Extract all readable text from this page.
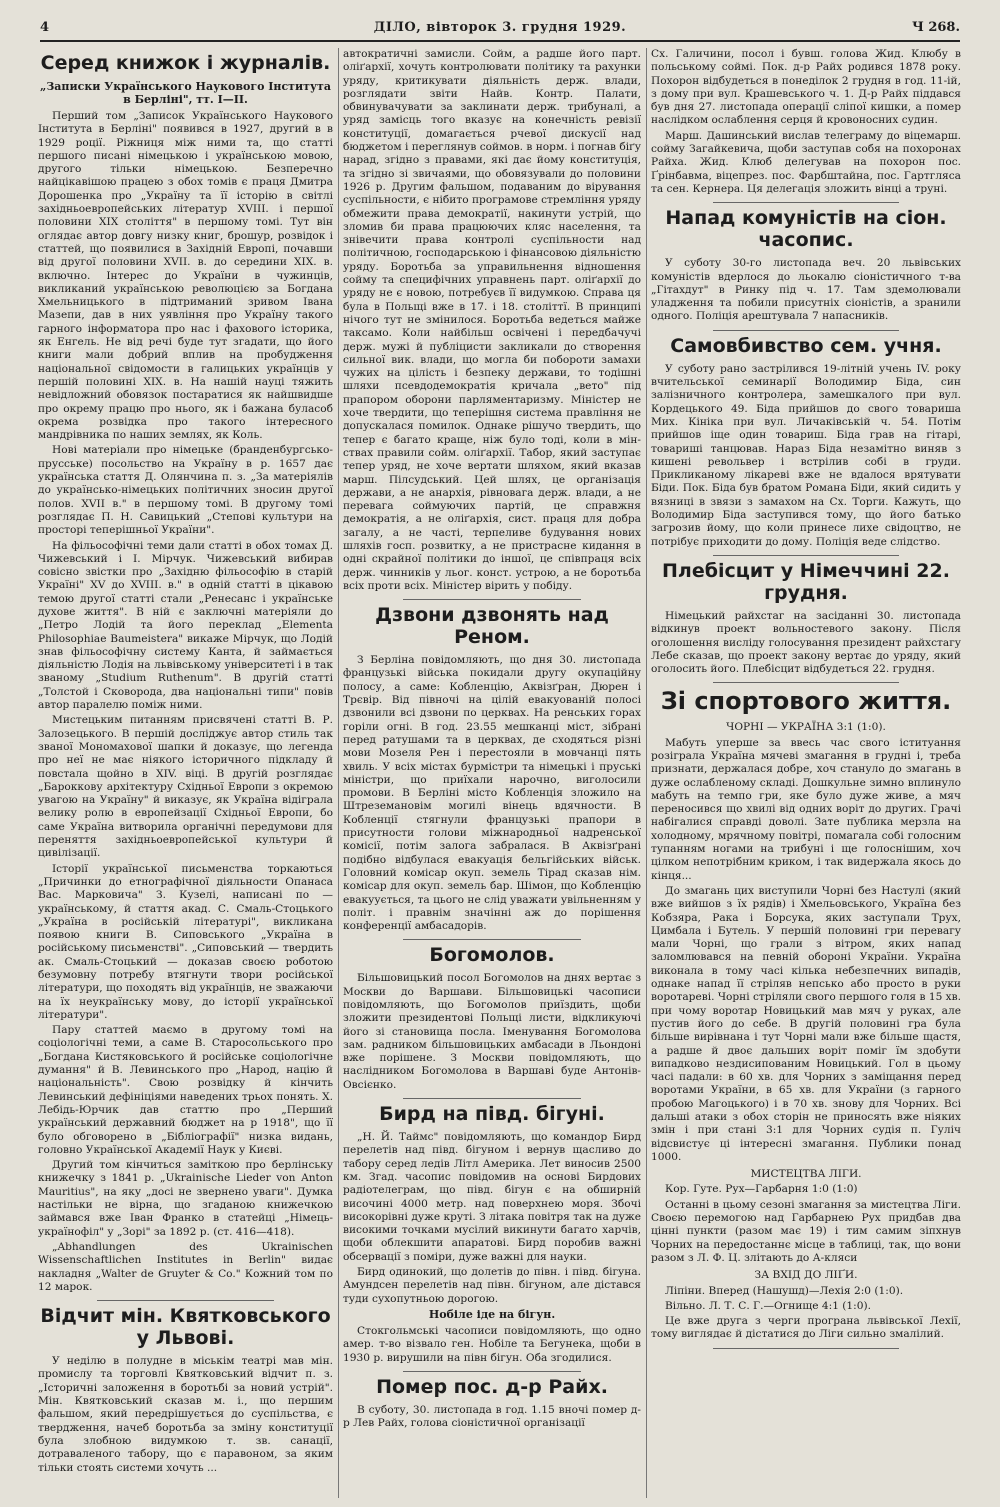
4	ДІЛО, вівторок 3. грудня 1929.	Ч 268.
Серед книжок і журналів.
„Записки Українського Наукового Інститута в Берліні", тт. I—II.

Перший том „Записок Українського Наукового Інститута в Берліні" появився в 1927, другий в в 1929 роції. Ріжниця між ними та, що статті першого писані німецькою і українською мовою, другого тільки німецькою. Безперечно найцікавішою працею з обох томів є праця Дмитра Дорошенка про „Україну та її історію в світлі західньоевропейських літератур XVIII. і першої половини XIX століття" в першому томі. Тут він оглядає автор довгу низку книг, брошур, розвідок і статтей, що появилися в Західній Европі, почавши від другої половини XVII. в. до середини XIX. в. включно. Інтерес до України в чужинців, викликаний українською революцією за Богдана Хмельницького в підтриманий зривом Івана Мазепи, дав в них уявління про Україну такого гарного інформатора про нас і фахового історика, як Енгель. Не від речі буде тут згадати, що його книги мали добрий вплив на пробудження національної свідомости в галицьких українців у першій половині XIX. в. На нашій науці тяжить невідложний обовязок постаратися як найшвидше про окрему працю про нього, як і бажана буласоб окрема розвідка про такого інтересного мандрівника по наших землях, як Коль.

Нові матеріали про німецьке (бранденбургсько-прусське) посольство на Україну в р. 1657 дає українська стаття Д. Олянчина п. з. „За матеріялів до українсько-німецьких політичних зносин другої полов. XVII в." в першому томі. В другому томі розглядає П. Н. Савицький „Степові культури на просторі теперішньої України".

На фільософічні теми дали статті в обох томах Д. Чижевський і І. Мірчук. Чижевський вибирав совісно звістки про „Західню фільософію в старій Україні" XV до XVIII. в." в одній статті в цікавою темою другої статті стали „Ренесанс і українське духове життя". В ній є заключні матеріяли до „Петро Лодій та його переклад „Elementa Philosophiae Baumeisterа" викаже Мірчук, що Лодій знав фільософічну систему Канта, й займається діяльністю Лодія на львівському університеті і в так званому „Studium Ruthenum". В другій статті „Толстой і Сковорода, два національні типи" повів автор паралелю поміж ними.

Мистецьким питанням присвячені статті В. Р. Залозецького. В першій досліджує автор стиль так званої Мономахової шапки й доказує, що легенда про неї не має ніякого історичного підкладу й повстала щойно в XIV. віці. В другій розглядає „Бароккову архітектуру Східньої Европи з окремою увагою на Україну" й виказує, як Україна відіграла велику ролю в европейзації Східньої Европи, бо саме Україна витворила органічні передумови для переняття західньоевропейської культури й цивілізації.

Історії української письменства торкаються „Причинки до етнографічної діяльности Опанаса Вас. Марковича" З. Кузелі, написані по — українському, й стаття акад. С. Смаль-Стоцького „Україна в російській літературі", викликана появою книги В. Сиповського „Україна в російському письменстві". „Сиповський — твердить ак. Смаль-Стоцький — доказав своєю роботою безумовну потребу втягнути твори російської літератури, що походять від українців, не зважаючи на їх неукраїнську мову, до історії української літератури".

Пару статтей маємо в другому томі на соціологічні теми, а саме В. Старосольського про „Богдана Кистяковського й російське соціологічне думання" й В. Левинського про „Народ, націю й національність". Свою розвідку й кінчить Левинський дефініціями наведених трьох понять. Х. Лебідь-Юрчик дав статтю про „Перший український державний бюджет на р 1918", що її було обговорено в „Бібліографії" низка видань, головно Української Академії Наук у Києві.

Другий том кінчиться заміткою про берлінську книжечку з 1841 р. „Ukrainische Lieder von Anton Mauritius", на яку „досі не звернено уваги". Думка настільки не вірна, що згаданою книжечкою займався вже Іван Франко в статейці „Німець-українофіл" у „Зорі" за 1892 р. (ст. 416—418).

„Abhandlungen des Ukrainischen Wissenschaftlichen Institutes in Berlin" видає накладня „Walter de Gruyter & Co." Кожний том по 12 марок.

Відчит мін. Квятковського у Львові.

У неділю в полудне в міськім театрі мав мін. промислу та торговлі Квятковський відчит п. з. „Історичні заложення в боротьбі за новий устрій". Мін. Квятковський сказав м. і., що першим фальшом, який передрішується до суспільства, є твердження, начеб боротьба за зміну конституції була злобною видумкою т. зв. санації, дотраваленого табору, що є паравоном, за яким тільки стоять системи хочуть ...

автократичні замисли. Сойм, а радше його парт. оліґархії, хочуть контролювати політику та рахунки уряду, критикувати діяльність держ. влади, розглядати звіти Найв. Контр. Палати, обвинувачувати за заклинати держ. трибуналі, а уряд замісць того вказує на конечність ревізії конституції, домагається рчевої дискусії над бюджетом і переглянув соймов. в норм. і погнав біґу нарад, згідно з правами, які дає йому конституція, та згідно зі звичаями, що обовязували до половини 1926 р. Другим фальшом, подаваним до вірування суспільности, є нібито програмове стремління уряду обмежити права демократії, накинути устрій, що зломив би права працюючих кляс населення, та знівечити права контролі суспільности над політичною, господарською і фінансовою діяльністю уряду. Боротьба за управильнення відношення сойму та специфічних управнень парт. оліґархії до уряду не є новою, потребуєв її видумкою. Справа ця була в Польщі вже в 17. і 18. століттї. В принципі нічого тут не змінилося. Боротьба ведеться майже таксамо. Коли найбільш освічені і передбачучі держ. мужі й публіцисти закликали до створення сильної вик. влади, що могла би побороти замахи чужих на цілість і безпеку держави, то тодішні шляхи псевдодемократія кричала „вето" під прапором оборони парляментаризму. Міністер не хоче твердити, що теперішня система правління не допускалася помилок. Однаке рішучо твердить, що тепер є багато краще, ніж було тоді, коли в мін-ствах правили сойм. оліґархії. Табор, який заступає тепер уряд, не хоче вертати шляхом, який вказав марш. Пілсудський. Цей шлях, це організація держави, а не анархія, рівновага держ. влади, а не перевага соймуючих партій, це справжня демократія, а не оліґархія, сист. праця для добра загалу, а не часті, терпеливе будування нових шляхів госп. розвитку, а не пристрасне кидання в одні скрайної політики до іншої, це співпраця всіх держ. чинників у льог. конст. устрою, а не боротьба всіх проти всіх. Міністер вірить у побіду.

Дзвони дзвонять над Реном.

З Берліна повідомляють, що дня 30. листопада французькі війська покидали другу окупаційну полосу, а саме: Кобленцію, Аквізґран, Дюрен і Трєвір. Від півночі на цілій евакуованій полосі дзвонили всі дзвони по церквах. На ренських горах горіли огні. В год. 23.55 мешканці міст, зібрані перед ратушами та в церквах, де сходяться різні мови Мозеля Рен і перестояли в мовчанці пять хвиль. У всіх містах бурмістри та німецькі і пруські міністри, що приїхали нарочно, виголосили промови. В Берліні місто Кобленція зложило на Штреземановім могилі вінець вдячности. В Кобленції стягнули французькі прапори в присутности голови міжнародньої надренської комісії, потім залога забралася. В Аквізґрані подібно відбулася евакуація бельгійських військ. Головний комісар окуп. земель Тірад сказав нім. комісар для окуп. земель бар. Шімон, що Кобленцію евакуується, та цього не слід уважати увільненням у політ. і правнім значінні аж до порішення конференції амбасадорів.

Богомолов.

Більшовицький посол Богомолов на днях вертає з Москви до Варшави. Більшовицькі часописи повідомляють, що Богомолов приїздить, щоби зложити президентові Польщі листи, відкликуючі його зі становища посла. Іменування Богомолова зам. радником більшовицьких амбасади в Льондоні вже порішене. З Москви повідомляють, що наслідником Богомолова в Варшаві буде Антонів-Овсієнко.

Бирд на півд. бігуні.

„Н. Й. Таймс" повідомляють, що командор Бирд перелетів над півд. бігуном і вернув щасливо до табору серед ледів Літл Америка. Лет виносив 2500 км. Згад. часопис повідомив на основі Бирдових радіотелеграм, що півд. бігун є на обширній височині 4000 метр. над поверхнею моря. Збочі високорівні дуже круті. З літака повітря так на дуже високими точками мусілий викинути багато харчів, щоби облекшити апаратові. Бирд поробив важні обсервації з поміри, дуже важні для науки.

Бирд одинокий, що долетів до півн. і півд. бігуна. Амундсен перелетів над півн. бігуном, але дістався туди сухопутньою дорогою.

Нобіле іде на бігун.

Стокгольмські часописи повідомляють, що одно амер. т-во візвало ген. Нобіле та Бегунека, щоби в 1930 р. вирушили на півн бігун. Оба згодилися.

Помер пос. д-р Райх.

В суботу, 30. листопада в год. 1.15 вночі помер д-р Лев Райх, голова сіоністичної організації

Сх. Галичини, посол і бувш. голова Жид. Клюбу в польському соймі. Пок. д-р Райх родився 1878 року. Похорон відбудеться в понеділок 2 грудня в год. 11-ій, з дому при вул. Крашевського ч. 1. Д-р Райх піддався був дня 27. листопада операції сліпої кишки, а помер наслідком ослаблення серця й кровоносних судин.

Марш. Дашинський вислав телеграму до віцемарш. сойму Загайкевича, щоби заступав собя на похоронах Райха. Жид. Клюб делегував на похорон пос. Ґрінбавма, віцепрез. пос. Фарбштайна, пос. Гартгляса та сен. Кернера. Ця делегація зложить вінці а труні.

Напад комуністів на сіон. часопис.

У суботу 30-го листопада веч. 20 львівських комуністів вдерлося до льокалю сіоністичного т-ва „Гітахдут" в Ринку під ч. 17. Там здемолювали уладження та побили присутніх сіоністів, а зранили одного. Поліція арештувала 7 напасників.

Самовбивство сем. учня.

У суботу рано застрілився 19-літній учень IV. року вчительської семинарії Володимир Біда, син залізничного контролера, замешкалого при вул. Кордецького 49. Біда прийшов до свого товариша Мих. Кініка при вул. Личаківській ч. 54. Потім прийшов іще один товариш. Біда грав на гітарі, товариші танцював. Нараз Біда незамітно виняв з кишені револьвер і встрілив собі в груди. Прикликаному лікареві вже не вдалося врятувати Біди. Пок. Біда був братом Романа Біди, який сидить у вязниці в звязи з замахом на Сх. Торги. Кажуть, що Володимир Біда заступився тому, що його батько загрозив йому, що коли принесе лихе свідоцтво, не потрібує приходити до дому. Поліція веде слідство.

Плебісцит у Німеччині 22. грудня.

Німецький райхстаг на засіданні 30. листопада відкинув проект вольностевого закону. Після оголошення висліду голосування президент райхстагу Лебе сказав, що проект закону вертає до уряду, який оголосить його. Плебісцит відбудеться 22. грудня.

Зі спортового життя.
ЧОРНІ — УКРАЇНА 3:1 (1:0).

Мабуть уперше за ввесь час свого іституання розіграла Україна мячеві змагання в грудні і, треба признати, держалася добре, хоч стануло до змагань в дуже ослабленому складі. Дошкульне зимно вплинуло мабуть на темпо гри, яке було дуже живе, а мяч переносився що хвилі від одних воріт до других. Грачі набігалися справді доволі. Зате публика мерзла на холодному, мрячному повітрі, помагала собі голосним тупанням ногами на трибуні і ще голоснішим, хоч цілком непотрібним криком, і так видержала якось до кінця...

До змагань цих виступили Чорні без Настулі (який вже вийшов з їх рядів) і Хмельовського, Україна без Кобзяра, Рака і Борсука, яких заступали Трух, Цимбала і Бутель. У першій половині гри перевагу мали Чорні, що грали з вітром, яких напад заломлювався на певній обороні України. Україна виконала в тому часі кілька небезпечних випадів, однаке напад її стріляв непсько або просто в руки воротареві. Чорні стріляли свого першого голя в 15 хв. при чому воротар Новицький мав мяч у руках, але пустив його до себе. В другій половині гра була більше вирівнана і тут Чорні мали вже більше щастя, а радше й двоє дальших воріт поміг їм здобути випадково нездисипованим Новицький. Гол в цьому часі падали: в 60 хв. для Чорних з заміщання перед воротами України, в 65 хв. для України (з гарного пробою Магоцького) і в 70 хв. знову для Чорних. Всі дальші атаки з обох сторін не приносять вже ніяких змін і при стані 3:1 для Чорних судія п. Гуліч відсвистує ці інтересні змагання. Публики понад 1000.

МИСТЕЦТВА ЛІГИ.

Кор. Гуте. Рух—Гарбарня 1:0 (1:0)

Останні в цьому сезоні змагання за мистецтва Ліги. Своєю перемогою над Гарбарнею Рух придбав два цінні пункти (разом має 19) і тим самим зіпхнув Чорних на передостаннє місце в таблиці, так, що вони разом з Л. Ф. Ц. злітають до А-кляси

ЗА ВХІД ДО ЛІҐИ.

Ліпіни. Вперед (Нашушд)—Лехія 2:0 (1:0).

Вільно. Л. Т. С. Г.—Огнище 4:1 (1:0).

Це вже друга з черги програна львівської Лехії, тому виглядає й дістатися до Ліги сильно змалілий.
